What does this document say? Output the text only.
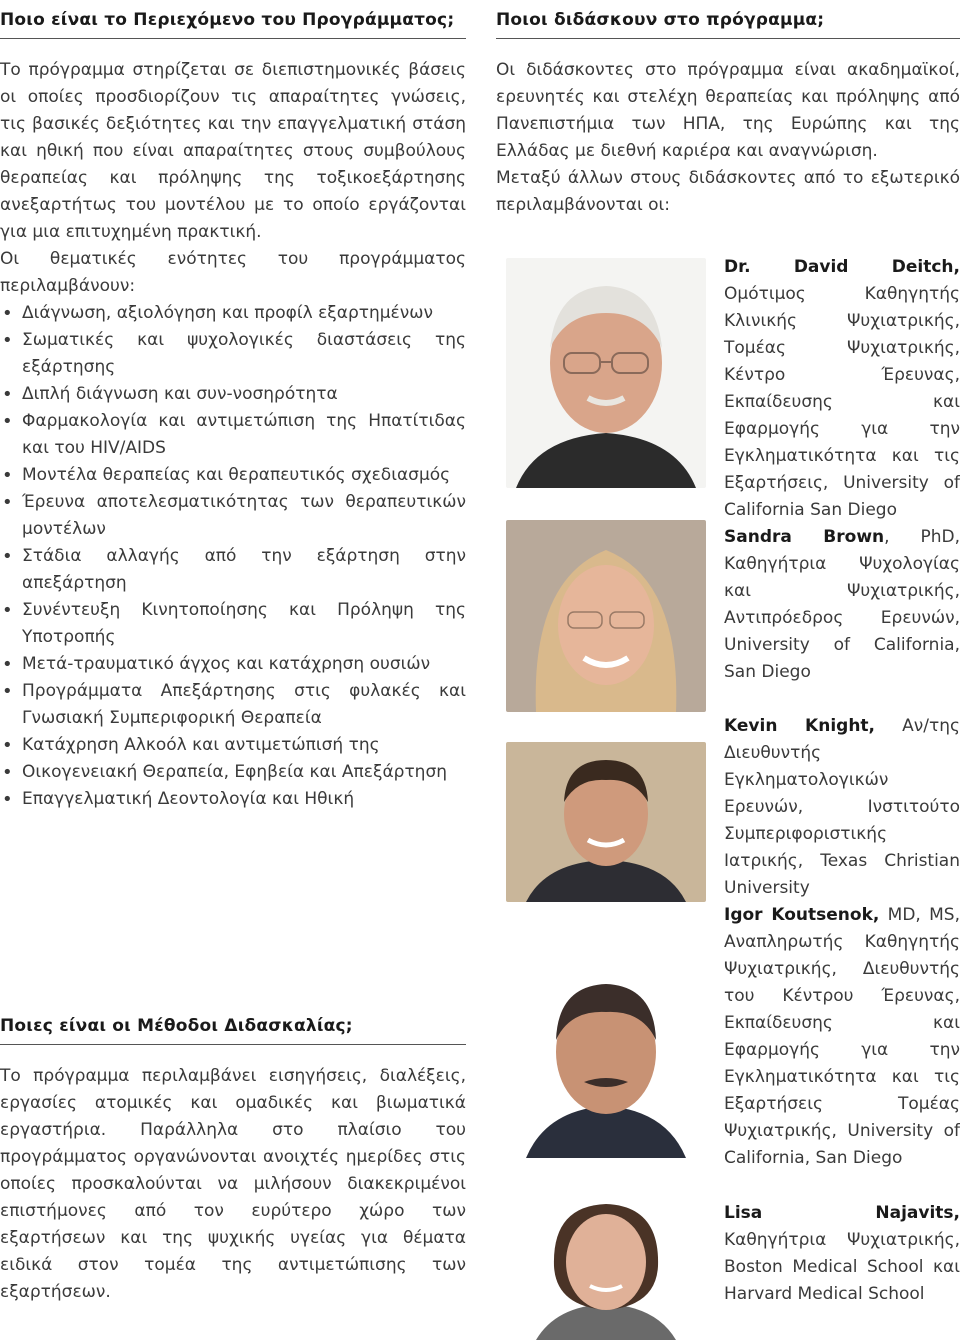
Ποιο είναι το Περιεχόμενο του Προγράμματος;

Το πρόγραμμα στηρίζεται σε διεπιστημονικές βάσεις οι οποίες προσδιορίζουν τις απαραίτητες γνώσεις, τις βασικές δεξιότητες και την επαγγελματική στάση και ηθική που είναι απαραίτητες στους συμβούλους θεραπείας και πρόληψης της τοξικοεξάρτησης ανεξαρτήτως του μοντέλου με το οποίο εργάζονται για μια επιτυχημένη πρακτική.

Οι θεματικές ενότητες του προγράμματος περιλαμβάνουν:

• Διάγνωση, αξιολόγηση και προφίλ εξαρτημένων
• Σωματικές και ψυχολογικές διαστάσεις της εξάρτησης
• Διπλή διάγνωση και συν-νοσηρότητα
• Φαρμακολογία και αντιμετώπιση της Ηπατίτιδας και του HIV/AIDS
• Μοντέλα θεραπείας και θεραπευτικός σχεδιασμός
• Έρευνα αποτελεσματικότητας των θεραπευτικών μοντέλων
• Στάδια αλλαγής από την εξάρτηση στην απεξάρτηση
• Συνέντευξη Κινητοποίησης και Πρόληψη της Υποτροπής
• Μετά-τραυματικό άγχος και κατάχρηση ουσιών
• Προγράμματα Απεξάρτησης στις φυλακές και Γνωσιακή Συμπεριφορική Θεραπεία
• Κατάχρηση Αλκοόλ και αντιμετώπισή της
• Οικογενειακή Θεραπεία, Εφηβεία και Απεξάρτηση
• Επαγγελματική Δεοντολογία και Ηθική
Ποιες είναι οι Μέθοδοι Διδασκαλίας;

Το πρόγραμμα περιλαμβάνει εισηγήσεις, διαλέξεις, εργασίες ατομικές και ομαδικές και βιωματικά εργαστήρια. Παράλληλα στο πλαίσιο του προγράμματος οργανώνονται ανοιχτές ημερίδες στις οποίες προσκαλούνται να μιλήσουν διακεκριμένοι επιστήμονες από τον ευρύτερο χώρο των εξαρτήσεων και της ψυχικής υγείας για θέματα ειδικά στον τομέα της αντιμετώπισης των εξαρτήσεων.

Ποιοι διδάσκουν στο πρόγραμμα;

Οι διδάσκοντες στο πρόγραμμα είναι ακαδημαϊκοί, ερευνητές και στελέχη θεραπείας και πρόληψης από Πανεπιστήμια των ΗΠΑ, της Ευρώπης και της Ελλάδας με διεθνή καριέρα και αναγνώριση.

Μεταξύ άλλων στους διδάσκοντες από το εξωτερικό περιλαμβάνονται οι:

Dr. David Deitch, Ομότιμος Καθηγητής Κλινικής Ψυχιατρικής, Τομέας Ψυχιατρικής, Κέντρο Έρευνας, Εκπαίδευσης και Εφαρμογής για την Εγκληματικότητα και τις Εξαρτήσεις, University of California San Diego
Sandra Brown, PhD, Καθηγήτρια Ψυχολογίας και Ψυχιατρικής, Αντιπρόεδρος Ερευνών, University of California, San Diego
Kevin Knight, Αν/της Διευθυντής Εγκληματολογικών Ερευνών, Ινστιτούτο Συμπεριφοριστικής Ιατρικής, Texas Christian University
Igor Koutsenok, MD, MS, Αναπληρωτής Καθηγητής Ψυχιατρικής, Διευθυντής του Κέντρου Έρευνας, Εκπαίδευσης και Εφαρμογής για την Εγκληματικότητα και τις Εξαρτήσεις Τομέας Ψυχιατρικής, University of California, San Diego
Lisa Najavits, Καθηγήτρια Ψυχιατρικής, Boston Medical School και Harvard Medical School
